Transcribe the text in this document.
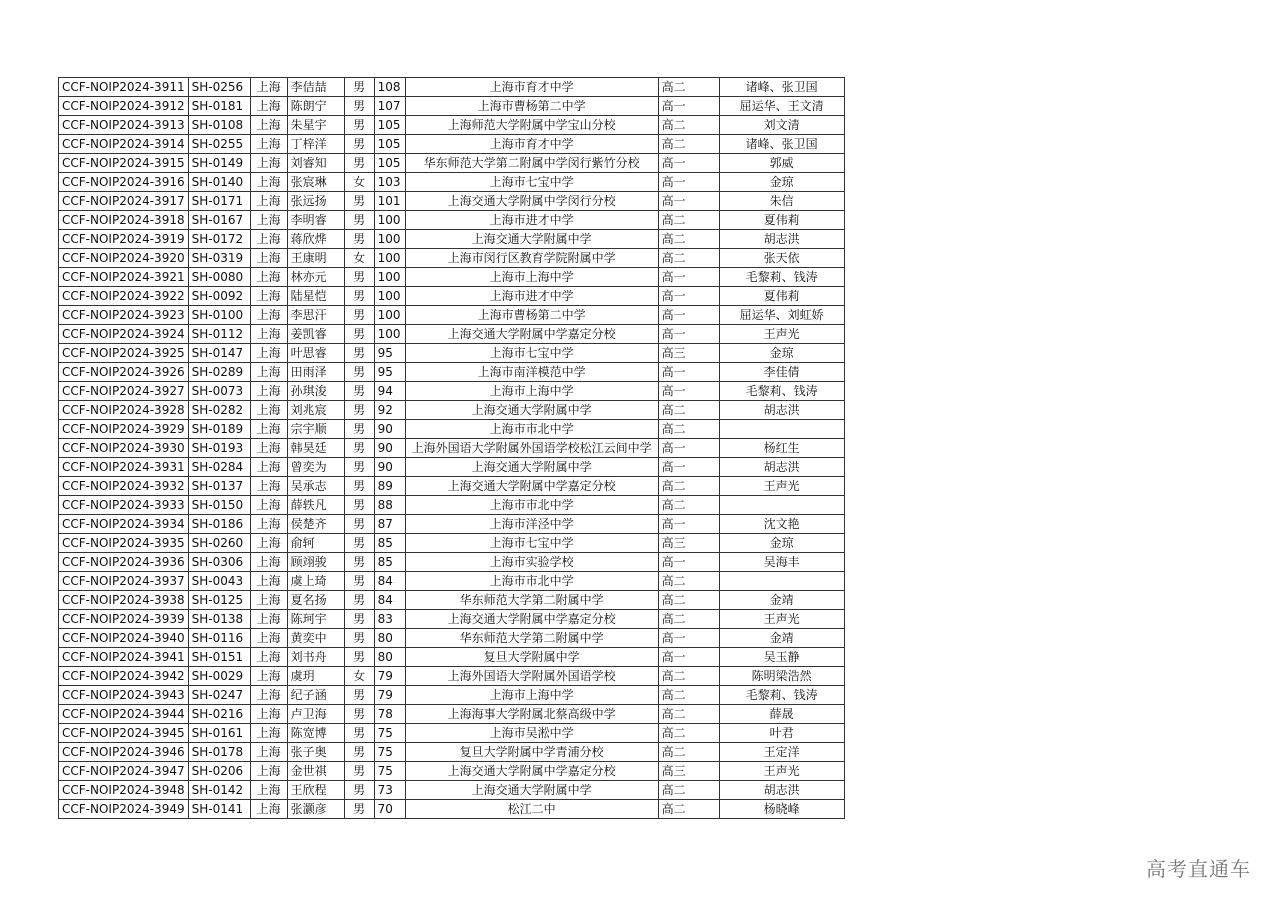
CCF-NOIP2024-3911	SH-0256	上海	李佶喆	男	108	上海市育才中学	高二	诸峰、张卫国
CCF-NOIP2024-3912	SH-0181	上海	陈朗宁	男	107	上海市曹杨第二中学	高一	屈运华、王文清
CCF-NOIP2024-3913	SH-0108	上海	朱星宇	男	105	上海师范大学附属中学宝山分校	高二	刘文清
CCF-NOIP2024-3914	SH-0255	上海	丁梓洋	男	105	上海市育才中学	高二	诸峰、张卫国
CCF-NOIP2024-3915	SH-0149	上海	刘睿知	男	105	华东师范大学第二附属中学闵行紫竹分校	高一	郭威
CCF-NOIP2024-3916	SH-0140	上海	张宸琳	女	103	上海市七宝中学	高一	金琼
CCF-NOIP2024-3917	SH-0171	上海	张远扬	男	101	上海交通大学附属中学闵行分校	高一	朱信
CCF-NOIP2024-3918	SH-0167	上海	李明睿	男	100	上海市进才中学	高二	夏伟莉
CCF-NOIP2024-3919	SH-0172	上海	蒋欣烨	男	100	上海交通大学附属中学	高二	胡志洪
CCF-NOIP2024-3920	SH-0319	上海	王康明	女	100	上海市闵行区教育学院附属中学	高二	张天依
CCF-NOIP2024-3921	SH-0080	上海	林亦元	男	100	上海市上海中学	高一	毛黎莉、钱涛
CCF-NOIP2024-3922	SH-0092	上海	陆星恺	男	100	上海市进才中学	高一	夏伟莉
CCF-NOIP2024-3923	SH-0100	上海	李思汗	男	100	上海市曹杨第二中学	高一	屈运华、刘虹娇
CCF-NOIP2024-3924	SH-0112	上海	姜凯睿	男	100	上海交通大学附属中学嘉定分校	高一	王声光
CCF-NOIP2024-3925	SH-0147	上海	叶思睿	男	95	上海市七宝中学	高三	金琼
CCF-NOIP2024-3926	SH-0289	上海	田雨泽	男	95	上海市南洋模范中学	高一	李佳倩
CCF-NOIP2024-3927	SH-0073	上海	孙琪浚	男	94	上海市上海中学	高一	毛黎莉、钱涛
CCF-NOIP2024-3928	SH-0282	上海	刘兆宸	男	92	上海交通大学附属中学	高二	胡志洪
CCF-NOIP2024-3929	SH-0189	上海	宗宇顺	男	90	上海市市北中学	高二	
CCF-NOIP2024-3930	SH-0193	上海	韩昊廷	男	90	上海外国语大学附属外国语学校松江云间中学	高一	杨红生
CCF-NOIP2024-3931	SH-0284	上海	曾奕为	男	90	上海交通大学附属中学	高一	胡志洪
CCF-NOIP2024-3932	SH-0137	上海	吴承志	男	89	上海交通大学附属中学嘉定分校	高二	王声光
CCF-NOIP2024-3933	SH-0150	上海	薛轶凡	男	88	上海市市北中学	高二	
CCF-NOIP2024-3934	SH-0186	上海	侯楚齐	男	87	上海市洋泾中学	高一	沈文艳
CCF-NOIP2024-3935	SH-0260	上海	俞轲	男	85	上海市七宝中学	高三	金琼
CCF-NOIP2024-3936	SH-0306	上海	顾翊骏	男	85	上海市实验学校	高一	吴海丰
CCF-NOIP2024-3937	SH-0043	上海	虞上琦	男	84	上海市市北中学	高二	
CCF-NOIP2024-3938	SH-0125	上海	夏名扬	男	84	华东师范大学第二附属中学	高二	金靖
CCF-NOIP2024-3939	SH-0138	上海	陈珂宇	男	83	上海交通大学附属中学嘉定分校	高二	王声光
CCF-NOIP2024-3940	SH-0116	上海	黄奕中	男	80	华东师范大学第二附属中学	高一	金靖
CCF-NOIP2024-3941	SH-0151	上海	刘书舟	男	80	复旦大学附属中学	高一	吴玉静
CCF-NOIP2024-3942	SH-0029	上海	虞玥	女	79	上海外国语大学附属外国语学校	高二	陈明梁浩然
CCF-NOIP2024-3943	SH-0247	上海	纪子涵	男	79	上海市上海中学	高二	毛黎莉、钱涛
CCF-NOIP2024-3944	SH-0216	上海	卢卫海	男	78	上海海事大学附属北蔡高级中学	高二	薛晟
CCF-NOIP2024-3945	SH-0161	上海	陈宽博	男	75	上海市吴淞中学	高二	叶君
CCF-NOIP2024-3946	SH-0178	上海	张子奥	男	75	复旦大学附属中学青浦分校	高二	王定洋
CCF-NOIP2024-3947	SH-0206	上海	金世祺	男	75	上海交通大学附属中学嘉定分校	高三	王声光
CCF-NOIP2024-3948	SH-0142	上海	王欣程	男	73	上海交通大学附属中学	高二	胡志洪
CCF-NOIP2024-3949	SH-0141	上海	张灏彦	男	70	松江二中	高二	杨晓峰
高考直通车
